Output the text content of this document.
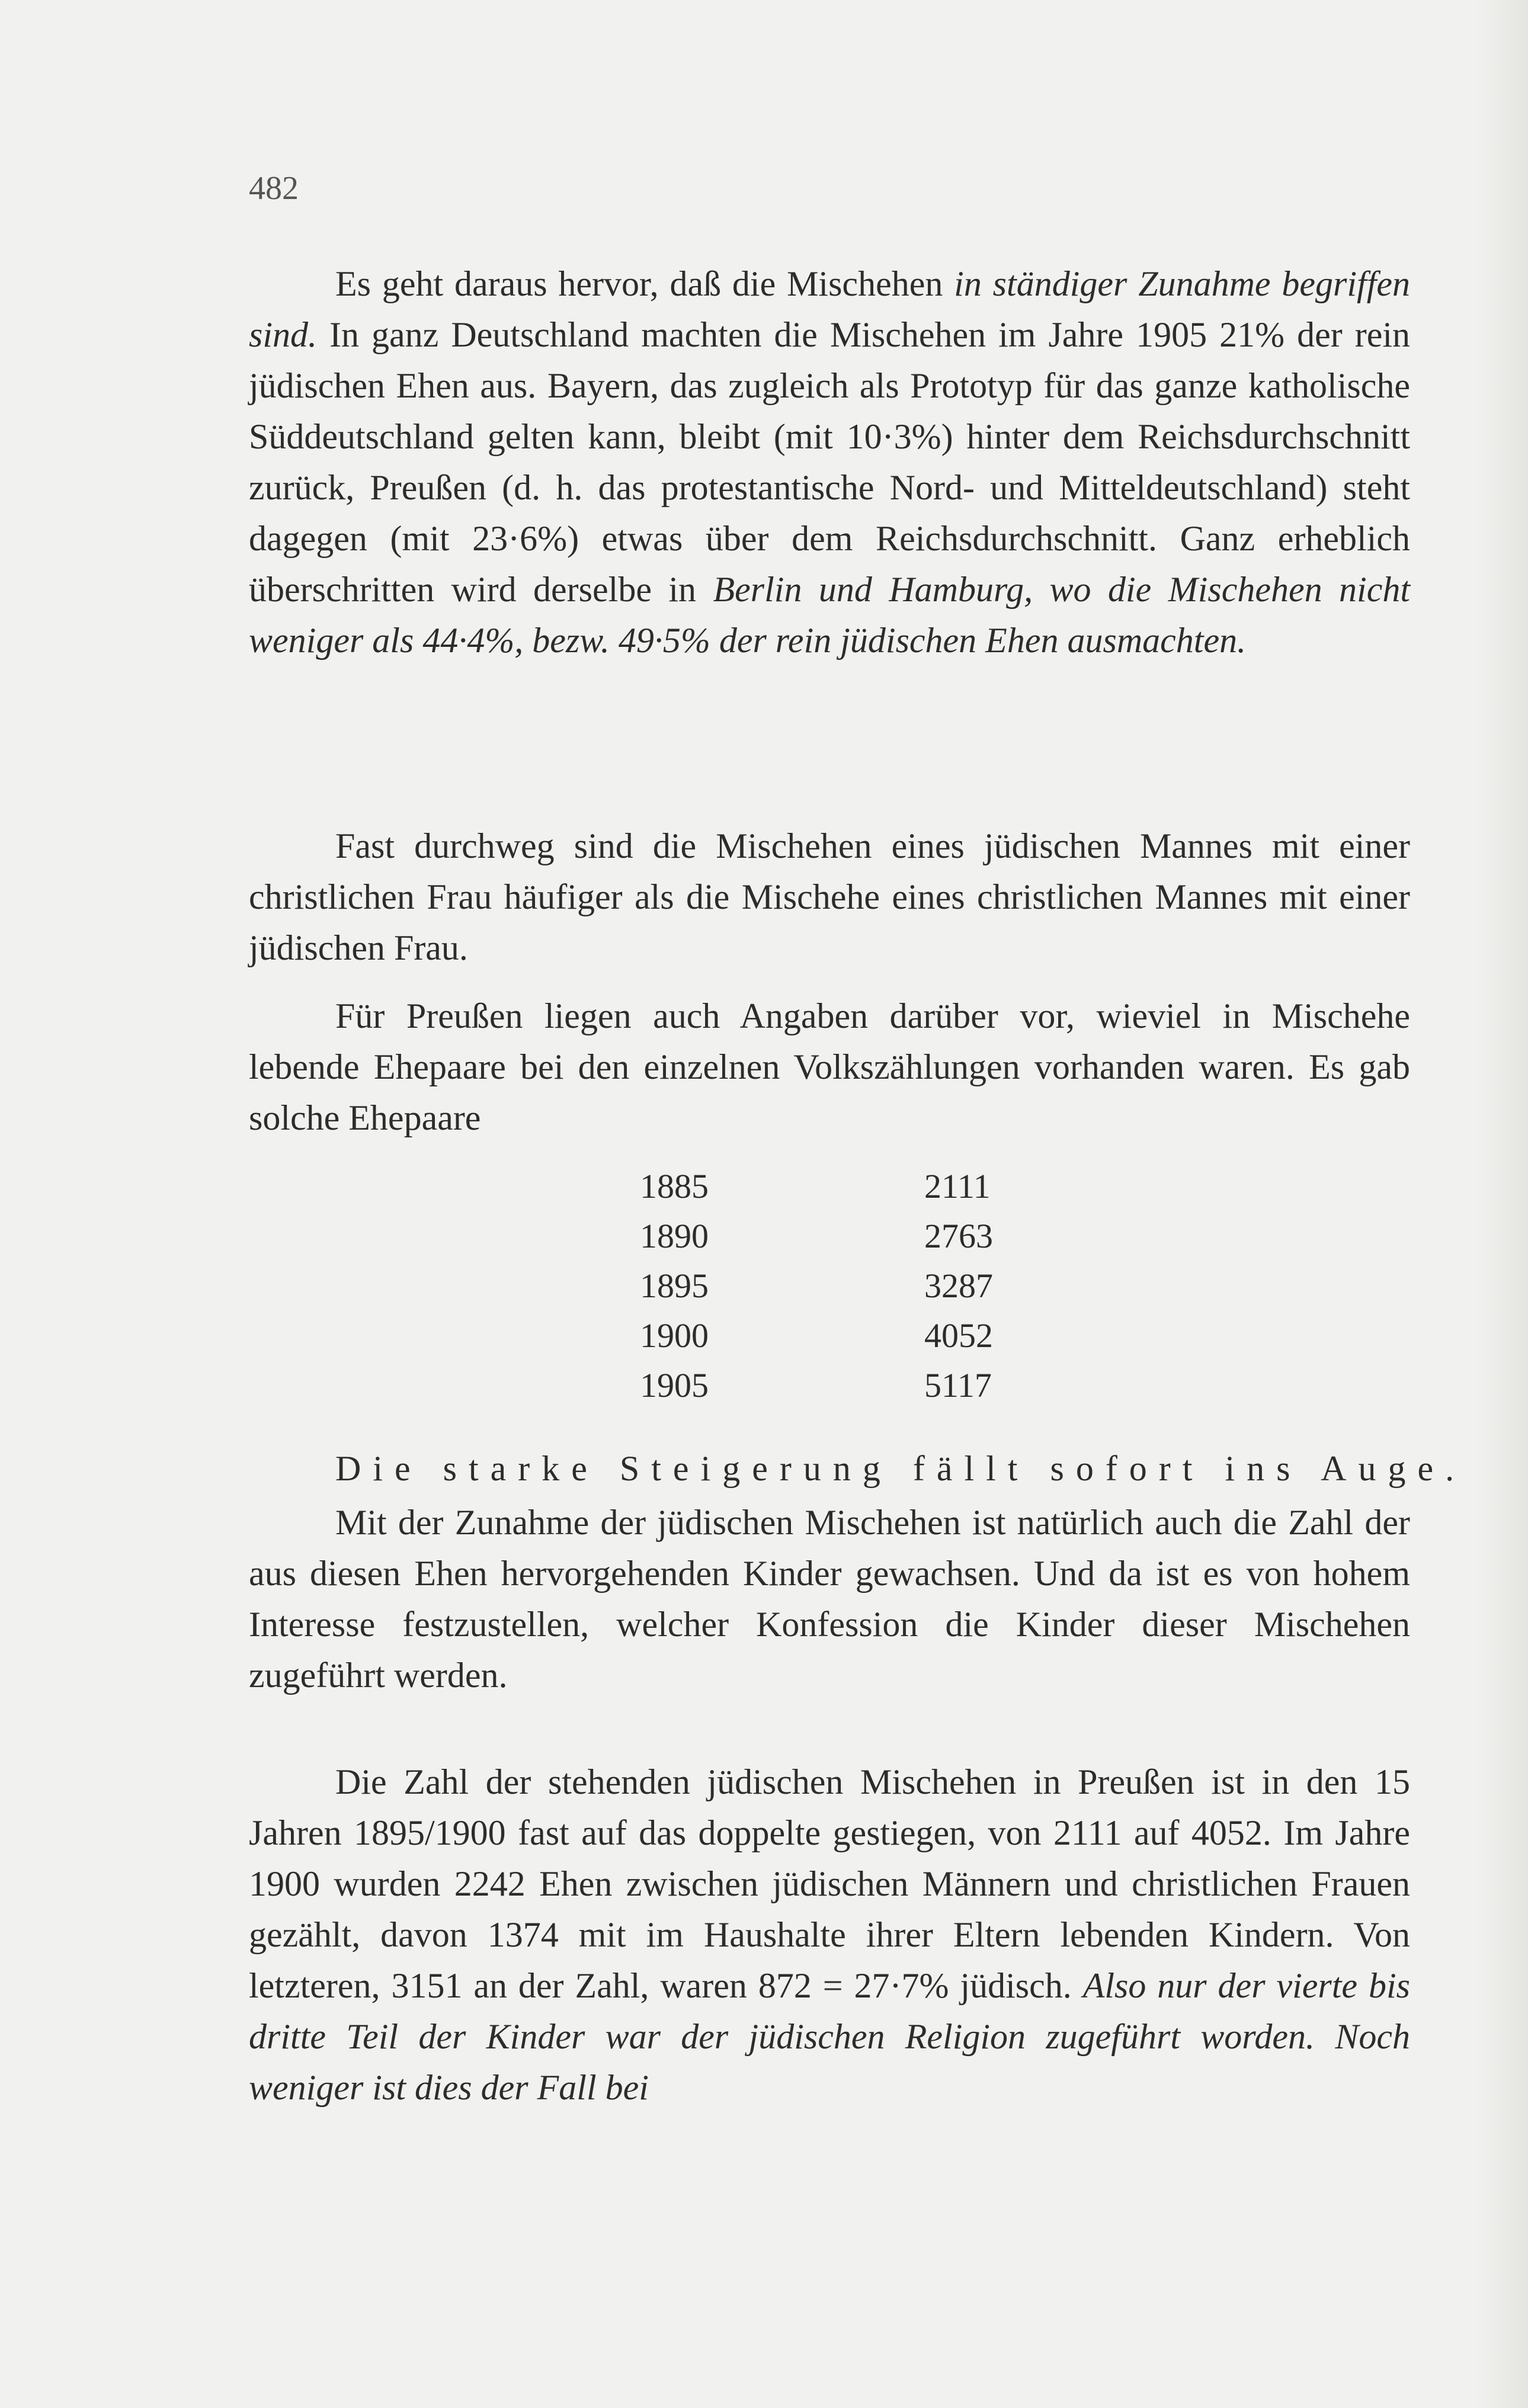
482

Es geht daraus hervor, daß die Mischehen in ständiger Zunahme begriffen sind. In ganz Deutschland machten die Mischehen im Jahre 1905 21% der rein jüdischen Ehen aus. Bayern, das zugleich als Prototyp für das ganze katholische Süddeutschland gelten kann, bleibt (mit 10·3%) hinter dem Reichsdurchschnitt zurück, Preußen (d. h. das protestantische Nord- und Mitteldeutschland) steht dagegen (mit 23·6%) etwas über dem Reichsdurchschnitt. Ganz erheblich überschritten wird derselbe in Berlin und Hamburg, wo die Mischehen nicht weniger als 44·4%, bezw. 49·5% der rein jüdischen Ehen ausmachten.

Fast durchweg sind die Mischehen eines jüdischen Mannes mit einer christlichen Frau häufiger als die Mischehe eines christlichen Mannes mit einer jüdischen Frau.

Für Preußen liegen auch Angaben darüber vor, wieviel in Mischehe lebende Ehepaare bei den einzelnen Volkszählungen vorhanden waren. Es gab solche Ehepaare

1885	2111
1890	2763
1895	3287
1900	4052
1905	5117
Die starke Steigerung fällt sofort ins Auge.

Mit der Zunahme der jüdischen Mischehen ist natürlich auch die Zahl der aus diesen Ehen hervorgehenden Kinder gewachsen. Und da ist es von hohem Interesse festzustellen, welcher Konfession die Kinder dieser Mischehen zugeführt werden.

Die Zahl der stehenden jüdischen Mischehen in Preußen ist in den 15 Jahren 1895/1900 fast auf das doppelte gestiegen, von 2111 auf 4052. Im Jahre 1900 wurden 2242 Ehen zwischen jüdischen Männern und christlichen Frauen gezählt, davon 1374 mit im Haushalte ihrer Eltern lebenden Kindern. Von letzteren, 3151 an der Zahl, waren 872 = 27·7% jüdisch. Also nur der vierte bis dritte Teil der Kinder war der jüdischen Religion zugeführt worden. Noch weniger ist dies der Fall bei
